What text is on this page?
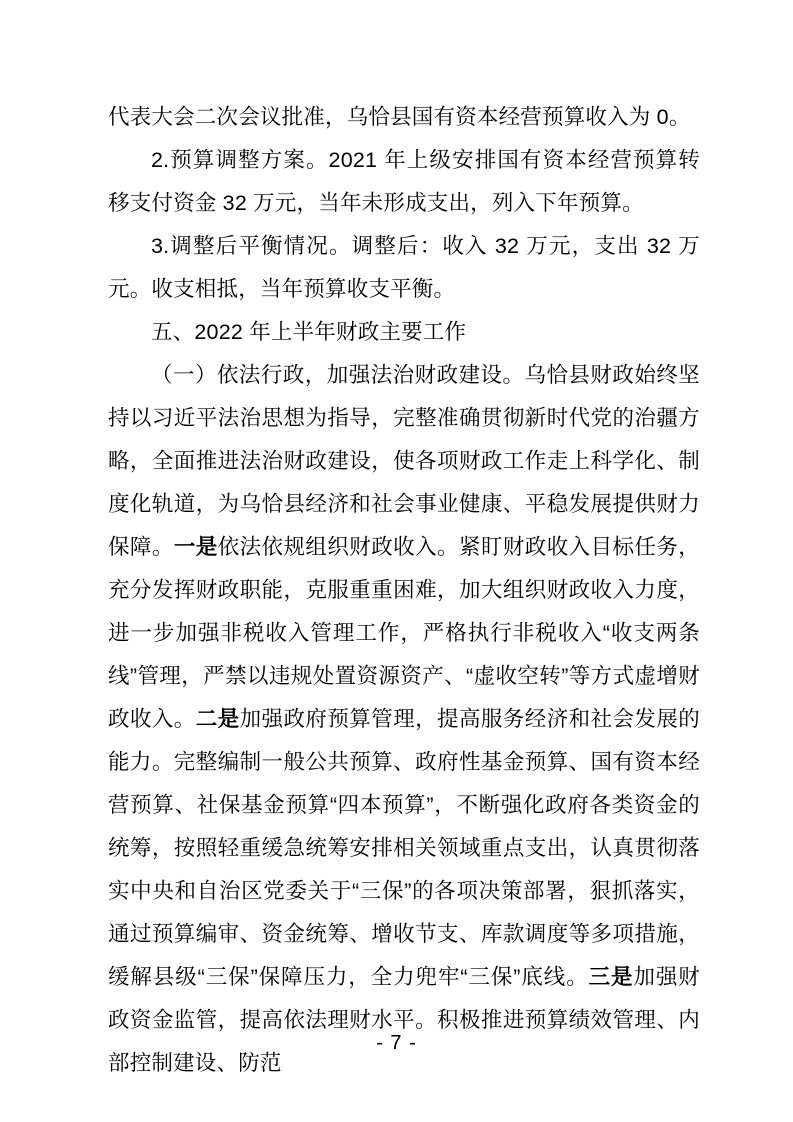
代表大会二次会议批准，乌恰县国有资本经营预算收入为 0。

2.预算调整方案。2021 年上级安排国有资本经营预算转移支付资金 32 万元，当年未形成支出，列入下年预算。

3.调整后平衡情况。调整后：收入 32 万元，支出 32 万元。收支相抵，当年预算收支平衡。

五、2022 年上半年财政主要工作

（一）依法行政，加强法治财政建设。乌恰县财政始终坚持以习近平法治思想为指导，完整准确贯彻新时代党的治疆方略，全面推进法治财政建设，使各项财政工作走上科学化、制度化轨道，为乌恰县经济和社会事业健康、平稳发展提供财力保障。一是依法依规组织财政收入。紧盯财政收入目标任务，充分发挥财政职能，克服重重困难，加大组织财政收入力度，进一步加强非税收入管理工作，严格执行非税收入“收支两条线”管理，严禁以违规处置资源资产、“虚收空转”等方式虚增财政收入。二是加强政府预算管理，提高服务经济和社会发展的能力。完整编制一般公共预算、政府性基金预算、国有资本经营预算、社保基金预算“四本预算”，不断强化政府各类资金的统筹，按照轻重缓急统筹安排相关领域重点支出，认真贯彻落实中央和自治区党委关于“三保”的各项决策部署，狠抓落实，通过预算编审、资金统筹、增收节支、库款调度等多项措施，缓解县级“三保”保障压力，全力兜牢“三保”底线。三是加强财政资金监管，提高依法理财水平。积极推进预算绩效管理、内部控制建设、防范

- 7 -
